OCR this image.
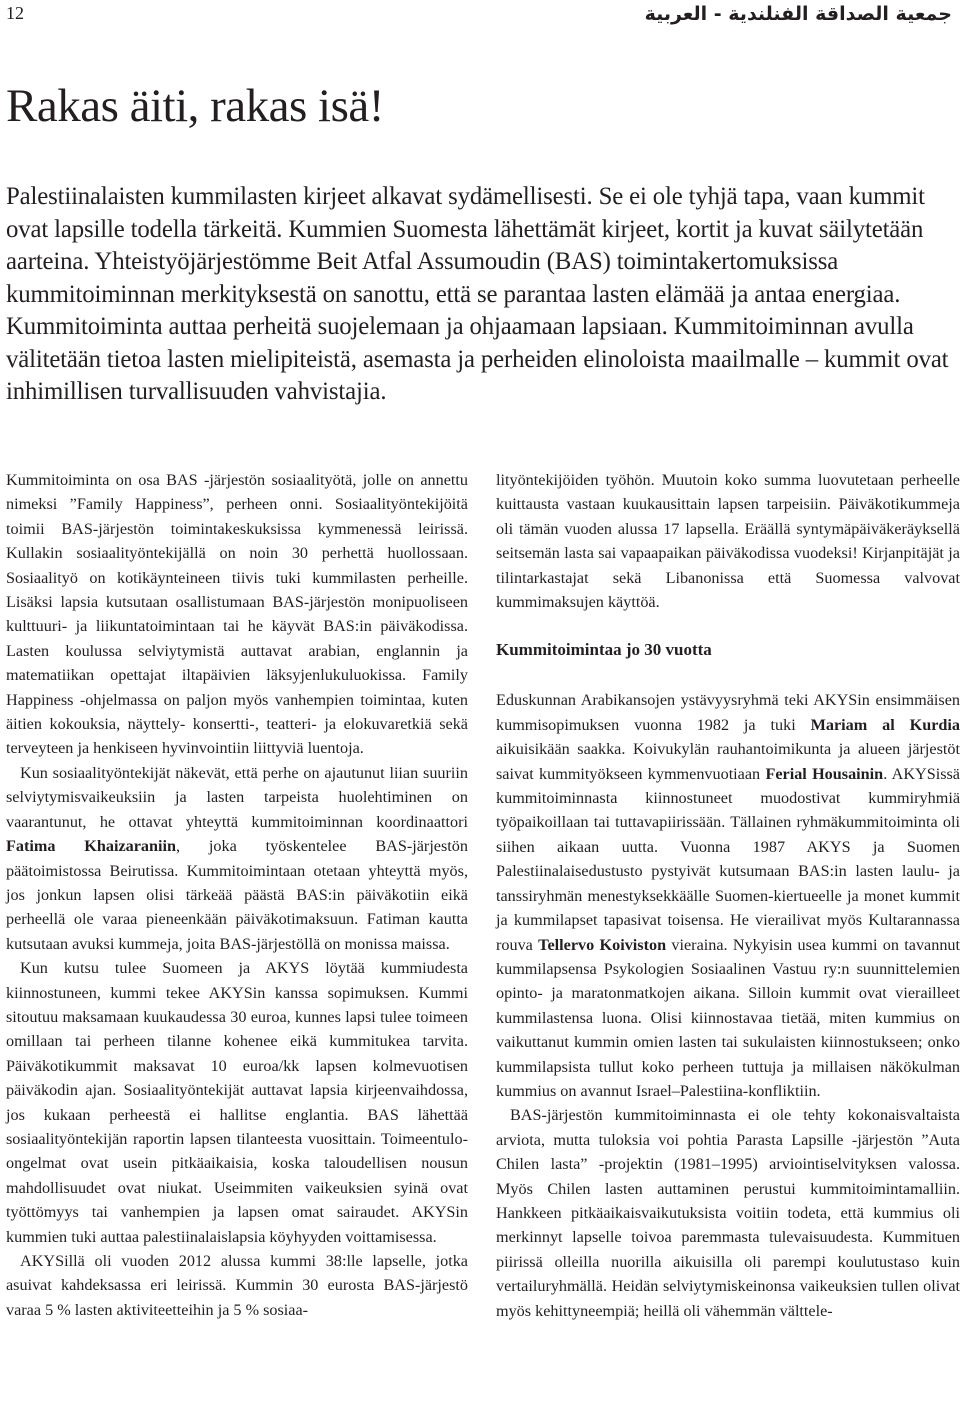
12	جمعية الصداقة الفنلندية - العربية
Rakas äiti, rakas isä!

Palestiinalaisten kummilasten kirjeet alkavat sydämellisesti. Se ei ole tyhjä tapa, vaan kummit ovat lapsille todella tärkeitä. Kummien Suomesta lähettämät kirjeet, kortit ja kuvat säilytetään aarteina. Yhteistyöjärjestömme Beit Atfal Assumoudin (BAS) toimintakertomuksissa kummitoiminnan merkityksestä on sanottu, että se parantaa lasten elämää ja antaa energiaa. Kummitoiminta auttaa perheitä suojelemaan ja ohjaamaan lapsiaan. Kummitoiminnan avulla välitetään tietoa lasten mielipiteistä, asemasta ja perheiden elinoloista maailmalle – kummit ovat inhimillisen turvallisuuden vahvistajia.

Kummitoiminta on osa BAS -järjestön sosiaalityötä, jolle on annettu nimeksi ”Family Happiness”, perheen onni. Sosiaalityöntekijöitä toimii BAS-järjestön toimintakeskuksissa kymmenessä leirissä. Kullakin sosiaalityöntekijällä on noin 30 perhettä huollossaan. Sosiaalityö on kotikäynteineen tiivis tuki kummilasten perheille. Lisäksi lapsia kutsutaan osallistumaan BAS-järjestön monipuoliseen kulttuuri- ja liikuntatoimintaan tai he käyvät BAS:in päiväkodissa. Lasten koulussa selviytymistä auttavat arabian, englannin ja matematiikan opettajat iltapäivien läksyjenlukuluokissa. Family Happiness -ohjelmassa on paljon myös vanhempien toimintaa, kuten äitien kokouksia, näyttely- konsertti-, teatteri- ja elokuvaretkiä sekä terveyteen ja henkiseen hyvinvointiin liittyviä luentoja.

Kun sosiaalityöntekijät näkevät, että perhe on ajautunut liian suuriin selviytymisvaikeuksiin ja lasten tarpeista huolehtiminen on vaarantunut, he ottavat yhteyttä kummitoiminnan koordinaattori Fatima Khaizaraniin, joka työskentelee BAS-järjestön päätoimistossa Beirutissa. Kummitoimintaan otetaan yhteyttä myös, jos jonkun lapsen olisi tärkeää päästä BAS:in päiväkotiin eikä perheellä ole varaa pieneenkään päiväkotimaksuun. Fatiman kautta kutsutaan avuksi kummeja, joita BAS-järjestöllä on monissa maissa.

Kun kutsu tulee Suomeen ja AKYS löytää kummiudesta kiinnostuneen, kummi tekee AKYSin kanssa sopimuksen. Kummi sitoutuu maksamaan kuukaudessa 30 euroa, kunnes lapsi tulee toimeen omillaan tai perheen tilanne kohenee eikä kummitukea tarvita. Päiväkotikummit maksavat 10 euroa/kk lapsen kolmevuotisen päiväkodin ajan. Sosiaalityöntekijät auttavat lapsia kirjeenvaihdossa, jos kukaan perheestä ei hallitse englantia. BAS lähettää sosiaalityöntekijän raportin lapsen tilanteesta vuosittain. Toimeentulo-ongelmat ovat usein pitkäaikaisia, koska taloudellisen nousun mahdollisuudet ovat niukat. Useimmiten vaikeuksien syinä ovat työttömyys tai vanhempien ja lapsen omat sairaudet. AKYSin kummien tuki auttaa palestiinalaislapsia köyhyyden voittamisessa.

AKYSillä oli vuoden 2012 alussa kummi 38:lle lapselle, jotka asuivat kahdeksassa eri leirissä. Kummin 30 eurosta BAS-järjestö varaa 5 % lasten aktiviteetteihin ja 5 % sosiaa-

lityöntekijöiden työhön. Muutoin koko summa luovutetaan perheelle kuittausta vastaan kuukausittain lapsen tarpeisiin. Päiväkotikummeja oli tämän vuoden alussa 17 lapsella. Eräällä syntymäpäiväkeräyksellä seitsemän lasta sai vapaapaikan päiväkodissa vuodeksi! Kirjanpitäjät ja tilintarkastajat sekä Libanonissa että Suomessa valvovat kummimaksujen käyttöä.

Kummitoimintaa jo 30 vuotta

Eduskunnan Arabikansojen ystävyysryhmä teki AKYSin ensimmäisen kummisopimuksen vuonna 1982 ja tuki Mariam al Kurdia aikuisikään saakka. Koivukylän rauhantoimikunta ja alueen järjestöt saivat kummityökseen kymmenvuotiaan Ferial Housainin. AKYSissä kummitoiminnasta kiinnostuneet muodostivat kummiryhmiä työpaikoillaan tai tuttavapiirissään. Tällainen ryhmäkummitoiminta oli siihen aikaan uutta. Vuonna 1987 AKYS ja Suomen Palestiinalaisedustusto pystyivät kutsumaan BAS:in lasten laulu- ja tanssiryhmän menestyksekkäälle Suomen-kiertueelle ja monet kummit ja kummilapset tapasivat toisensa. He vierailivat myös Kultarannassa rouva Tellervo Koiviston vieraina. Nykyisin usea kummi on tavannut kummilapsensa Psykologien Sosiaalinen Vastuu ry:n suunnittelemien opinto- ja maratonmatkojen aikana. Silloin kummit ovat vierailleet kummilastensa luona. Olisi kiinnostavaa tietää, miten kummius on vaikuttanut kummin omien lasten tai sukulaisten kiinnostukseen; onko kummilapsista tullut koko perheen tuttuja ja millaisen näkökulman kummius on avannut Israel–Palestiina-konfliktiin.

BAS-järjestön kummitoiminnasta ei ole tehty kokonaisvaltaista arviota, mutta tuloksia voi pohtia Parasta Lapsille -järjestön ”Auta Chilen lasta” -projektin (1981–1995) arviointiselvityksen valossa. Myös Chilen lasten auttaminen perustui kummitoimintamalliin. Hankkeen pitkäaikaisvaikutuksista voitiin todeta, että kummius oli merkinnyt lapselle toivoa paremmasta tulevaisuudesta. Kummituen piirissä olleilla nuorilla aikuisilla oli parempi koulutustaso kuin vertailuryhmällä. Heidän selviytymiskeinonsa vaikeuksien tullen olivat myös kehittyneempiä; heillä oli vähemmän välttele-
